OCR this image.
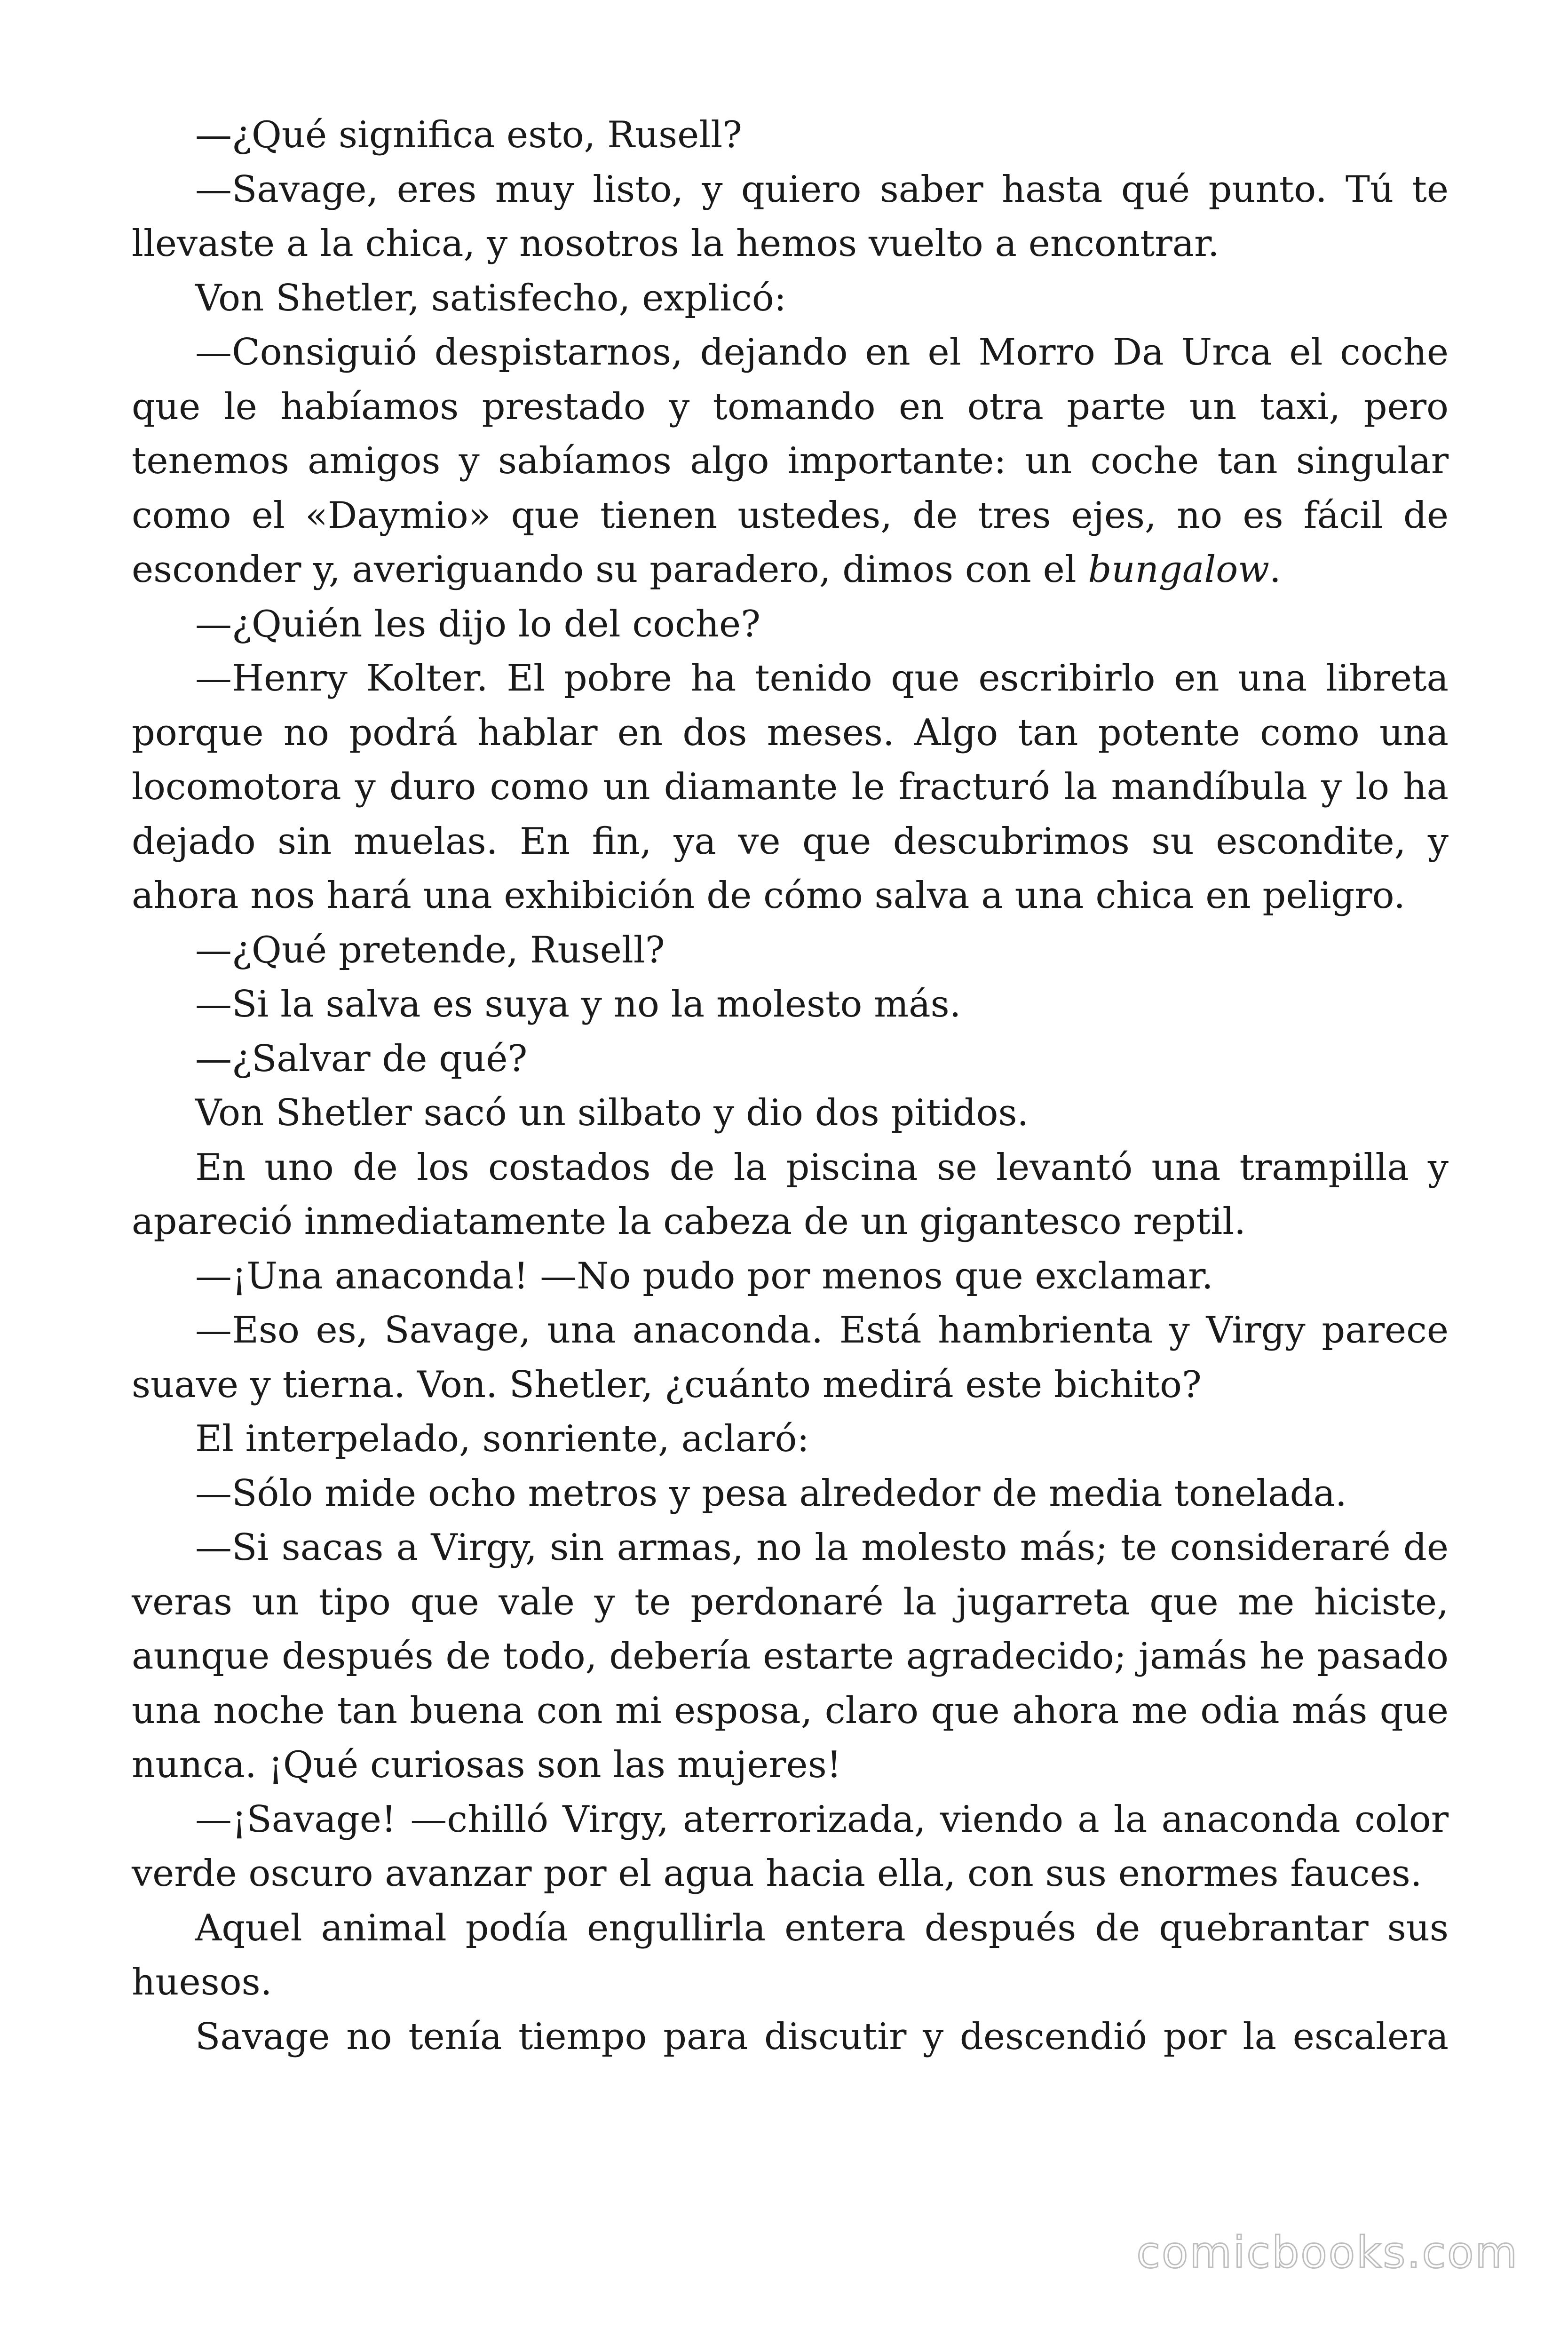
—¿Qué significa esto, Rusell?

—Savage, eres muy listo, y quiero saber hasta qué punto. Tú te llevaste a la chica, y nosotros la hemos vuelto a encontrar.

Von Shetler, satisfecho, explicó:

—Consiguió despistarnos, dejando en el Morro Da Urca el coche que le habíamos prestado y tomando en otra parte un taxi, pero tenemos amigos y sabíamos algo importante: un coche tan singular como el «Daymio» que tienen ustedes, de tres ejes, no es fácil de esconder y, averiguando su paradero, dimos con el bungalow.

—¿Quién les dijo lo del coche?

—Henry Kolter. El pobre ha tenido que escribirlo en una libreta porque no podrá hablar en dos meses. Algo tan potente como una locomotora y duro como un diamante le fracturó la mandíbula y lo ha dejado sin muelas. En fin, ya ve que descubrimos su escondite, y ahora nos hará una exhibición de cómo salva a una chica en peligro.

—¿Qué pretende, Rusell?

—Si la salva es suya y no la molesto más.

—¿Salvar de qué?

Von Shetler sacó un silbato y dio dos pitidos.

En uno de los costados de la piscina se levantó una trampilla y apareció inmediatamente la cabeza de un gigantesco reptil.

—¡Una anaconda! —No pudo por menos que exclamar.

—Eso es, Savage, una anaconda. Está hambrienta y Virgy parece suave y tierna. Von. Shetler, ¿cuánto medirá este bichito?

El interpelado, sonriente, aclaró:

—Sólo mide ocho metros y pesa alrededor de media tonelada.

—Si sacas a Virgy, sin armas, no la molesto más; te consideraré de veras un tipo que vale y te perdonaré la jugarreta que me hiciste, aunque después de todo, debería estarte agradecido; jamás he pasado una noche tan buena con mi esposa, claro que ahora me odia más que nunca. ¡Qué curiosas son las mujeres!

—¡Savage! —chilló Virgy, aterrorizada, viendo a la anaconda color verde oscuro avanzar por el agua hacia ella, con sus enormes fauces.

Aquel animal podía engullirla entera después de quebrantar sus huesos.

Savage no tenía tiempo para discutir y descendió por la escalera

comicbooks.com
